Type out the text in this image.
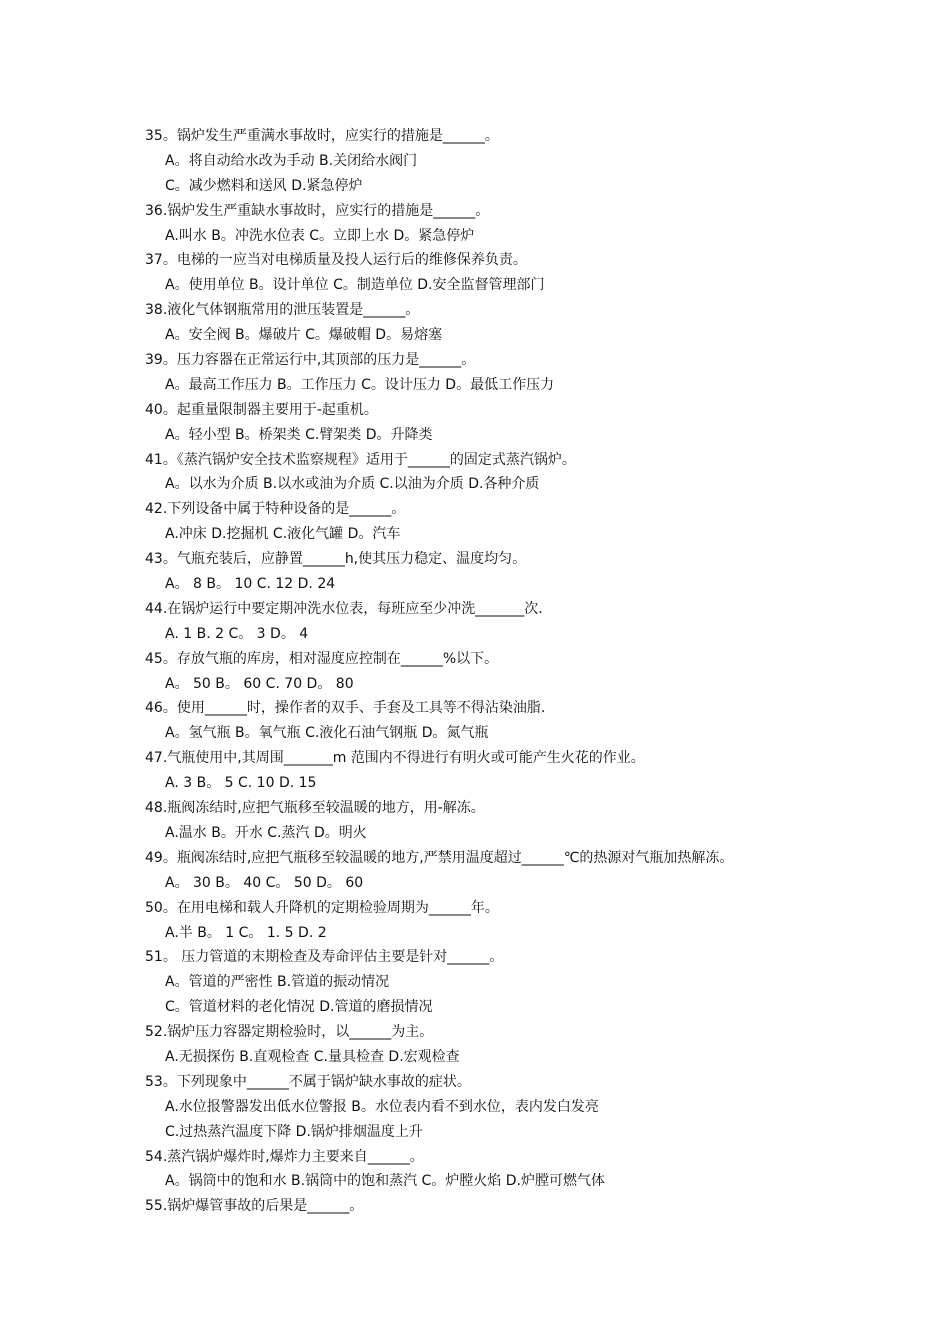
35。锅炉发生严重满水事故时，应实行的措施是______。
A。将自动给水改为手动 B.关闭给水阀门
C。减少燃料和送风 D.紧急停炉
36.锅炉发生严重缺水事故时，应实行的措施是______。
A.叫水 B。冲洗水位表 C。立即上水 D。紧急停炉
37。电梯的一应当对电梯质量及投人运行后的维修保养负责。
A。使用单位 B。设计单位 C。制造单位 D.安全监督管理部门
38.液化气体钢瓶常用的泄压装置是______。
A。安全阀 B。爆破片 C。爆破帽 D。易熔塞
39。压力容器在正常运行中,其顶部的压力是______。
A。最高工作压力 B。工作压力 C。设计压力 D。最低工作压力
40。起重量限制器主要用于-起重机。
A。轻小型 B。桥架类 C.臂架类 D。升降类
41。《蒸汽锅炉安全技术监察规程》适用于______的固定式蒸汽锅炉。
A。以水为介质 B.以水或油为介质 C.以油为介质 D.各种介质
42.下列设备中属于特种设备的是______。
A.冲床 D.挖掘机 C.液化气罐 D。汽车
43。气瓶充装后，应静置______h,使其压力稳定、温度均匀。
A。 8 B。 10 C. 12 D. 24
44.在锅炉运行中要定期冲洗水位表，每班应至少冲洗_______次.
A. 1 B. 2 C。 3 D。 4
45。存放气瓶的库房，相对湿度应控制在______%以下。
A。 50 B。 60 C. 70 D。 80
46。使用______时，操作者的双手、手套及工具等不得沾染油脂.
A。氢气瓶 B。氧气瓶 C.液化石油气钢瓶 D。氮气瓶
47.气瓶使用中,其周围_______m 范围内不得进行有明火或可能产生火花的作业。
A. 3 B。 5 C. 10 D. 15
48.瓶阀冻结时,应把气瓶移至较温暖的地方，用-解冻。
A.温水 B。开水 C.蒸汽 D。明火
49。瓶阀冻结时,应把气瓶移至较温暖的地方,严禁用温度超过______℃的热源对气瓶加热解冻。
A。 30 B。 40 C。 50 D。 60
50。在用电梯和载人升降机的定期检验周期为______年。
A.半 B。 1 C。 1. 5 D. 2
51。 压力管道的末期检查及寿命评估主要是针对______。
A。管道的严密性 B.管道的振动情况
C。管道材料的老化情况 D.管道的磨损情况
52.锅炉压力容器定期检验时，以______为主。
A.无损探伤 B.直观检查 C.量具检查 D.宏观检查
53。下列现象中______不属于锅炉缺水事故的症状。
A.水位报警器发出低水位警报 B。水位表内看不到水位，表内发白发亮
C.过热蒸汽温度下降 D.锅炉排烟温度上升
54.蒸汽锅炉爆炸时,爆炸力主要来自______。
A。锅筒中的饱和水 B.锅筒中的饱和蒸汽 C。炉膛火焰 D.炉膛可燃气体
55.锅炉爆管事故的后果是______。
